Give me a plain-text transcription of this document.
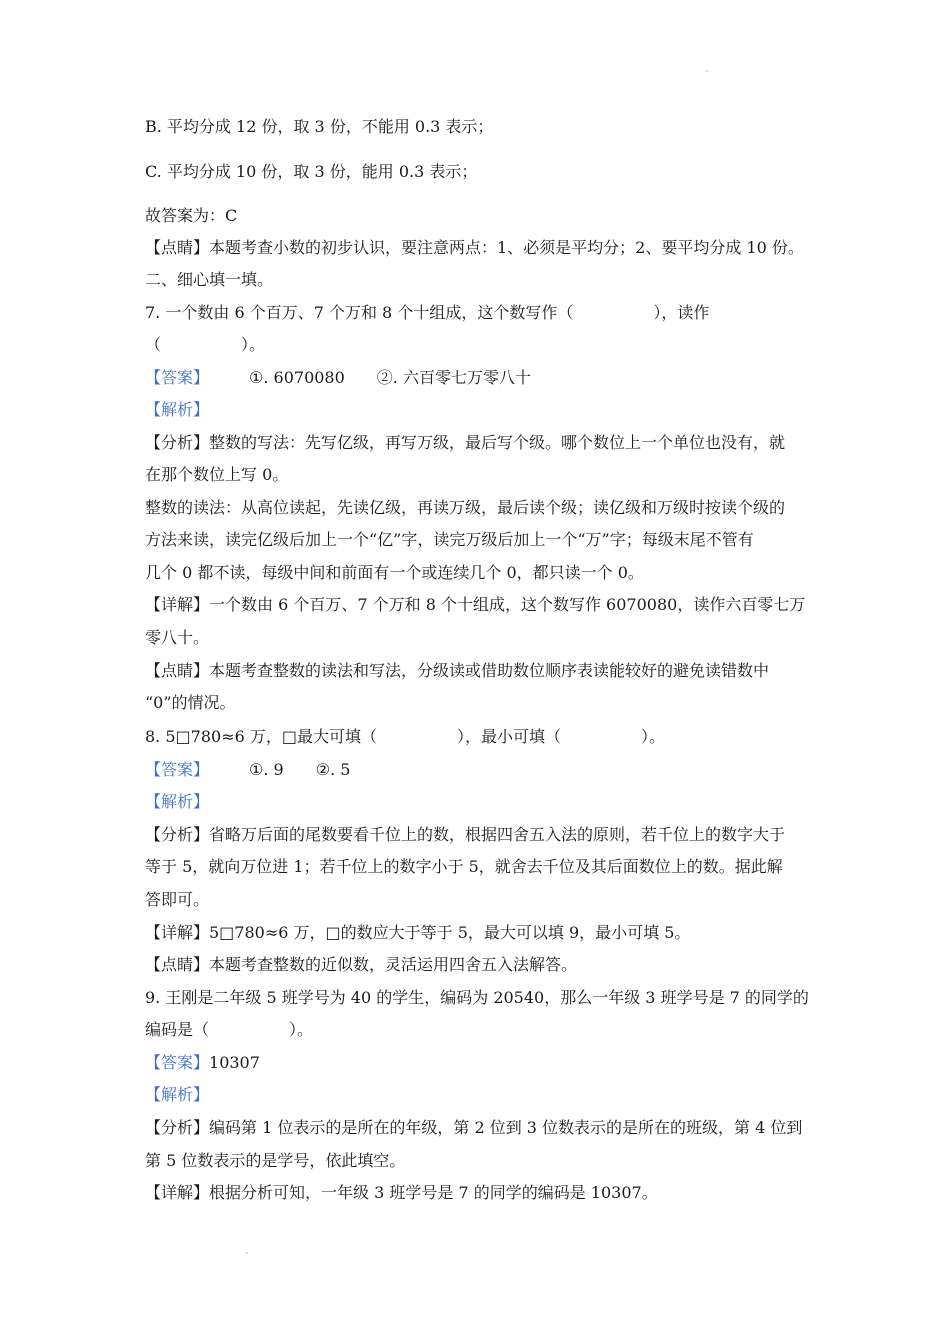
B. 平均分成 12 份，取 3 份，不能用 0.3 表示；
C. 平均分成 10 份，取 3 份，能用 0.3 表示；
故答案为：C
【点睛】本题考查小数的初步认识，要注意两点：1、必须是平均分；2、要平均分成 10 份。
二、细心填一填。
7. 一个数由 6 个百万、7 个万和 8 个十组成，这个数写作（　　　　　），读作
（　　　　　）。
【答案】	①. 6070080 ②. 六百零七万零八十
【解析】
【分析】整数的写法：先写亿级，再写万级，最后写个级。哪个数位上一个单位也没有，就
在那个数位上写 0。
整数的读法：从高位读起，先读亿级，再读万级，最后读个级；读亿级和万级时按读个级的
方法来读，读完亿级后加上一个“亿”字，读完万级后加上一个“万”字；每级末尾不管有
几个 0 都不读，每级中间和前面有一个或连续几个 0，都只读一个 0。
【详解】一个数由 6 个百万、7 个万和 8 个十组成，这个数写作 6070080，读作六百零七万
零八十。
【点睛】本题考查整数的读法和写法，分级读或借助数位顺序表读能较好的避免读错数中
“0”的情况。
8. 5□780≈6 万，□最大可填（　　　　　），最小可填（　　　　　）。
【答案】	①. 9 ②. 5
【解析】
【分析】省略万后面的尾数要看千位上的数，根据四舍五入法的原则，若千位上的数字大于
等于 5，就向万位进 1；若千位上的数字小于 5，就舍去千位及其后面数位上的数。据此解
答即可。
【详解】5□780≈6 万，□的数应大于等于 5，最大可以填 9，最小可填 5。
【点睛】本题考查整数的近似数，灵活运用四舍五入法解答。
9. 王刚是二年级 5 班学号为 40 的学生，编码为 20540，那么一年级 3 班学号是 7 的同学的
编码是（　　　　　）。
【答案】10307
【解析】
【分析】编码第 1 位表示的是所在的年级，第 2 位到 3 位数表示的是所在的班级，第 4 位到
第 5 位数表示的是学号，依此填空。
【详解】根据分析可知，一年级 3 班学号是 7 的同学的编码是 10307。
